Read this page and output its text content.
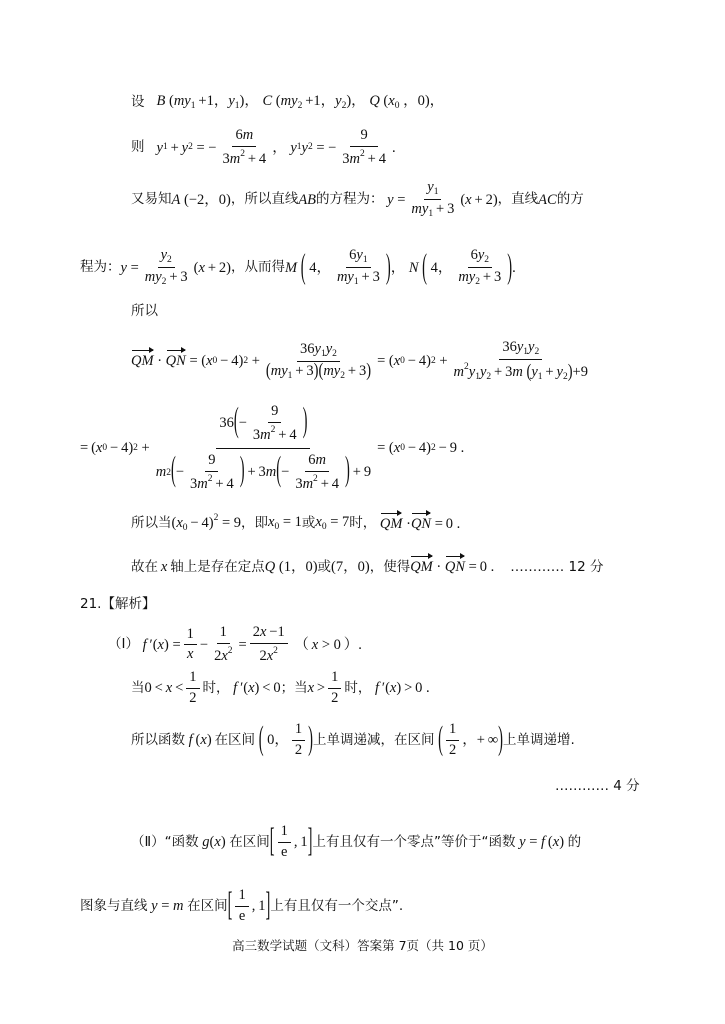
设 B ($my_1 +1$，$y_1$)， C ($my_2 +1$，$y_2$)， Q ($x_0$ ，0)，
则 y 1  +  y 2 = − $\frac{6m}{3m^2 + 4}$ ， y 1 y 2 = − $\frac{9}{3m^2 + 4}$ .
又易知 A (−2，0) ，所以直线 AB 的方程为：
$y = \frac{y_1}{my_1 + 3}$ ( x  + 2) ，直线 AC 的方
程为： $y = \frac{y_2}{my_2 + 3}$ ( x  + 2) ，从而得 M
( 4， $\frac{6y_1}{my_1 + 3}$ ) ， N
( 4， $\frac{6y_2}{my_2 + 3}$ ) .
所以
QM · QN = ( x 0  − 4) $2 + \frac{36y_1y_2}{(my_1 + 3)(my_2 + 3)}$ = ( x 0  − 4) $2 + \frac{36y_1y_2}{m^2y_1y_2 + 3m (y_1 + y_2)+9}$
= ( x 0  − 4) 2 +
36 ( − $\frac{9}{3m^2 + 4}$ )
m 2 ( − $\frac{9}{3m^2 + 4}$ )  + 3 m ( − $\frac{6m}{3m^2 + 4}$ )  + 9
= ( x 0  − 4) 2  − 9 .
所以当 $(x_0 - 4)^2 = 9$ ，即 $x_0 = 1$ 或 $x_0 = 7$ 时， QM ·QN = 0 .
故在  x  轴上是存在定点 Q (1，0) 或 (7，0) ，使得 QM · QN = 0 . ………… 12 分
21.【解析】
（Ⅰ）
f  ′( x ) = $\frac{1}{x} - \frac{1}{2x^2} = \frac{2x -1}{2x^2}$ （  x > 0 ）.
当 $0 < x < \frac{1}{2}$ 时， f ′(x) < 0 ；当 $x > \frac{1}{2}$ 时， f ′(x) > 0 .
所以函数 f (x)  在区间
( 0， $\frac{1}{2}$ ) 上单调递减，在区间
( $\frac{1}{2}$ ，+ ∞ ) 上单调递增.
………… 4 分
（Ⅱ） “函数 g(x) 在区间 [ $\frac{1}{e}$ , 1 ] 上有且仅有一个零点”等价于“函数 y = f (x) 的
图象与直线 y = m 在区间 [ $\frac{1}{e}$ , 1 ] 上有且仅有一个交点”.
高三数学试题（文科）答案第 7页（共 10 页）
